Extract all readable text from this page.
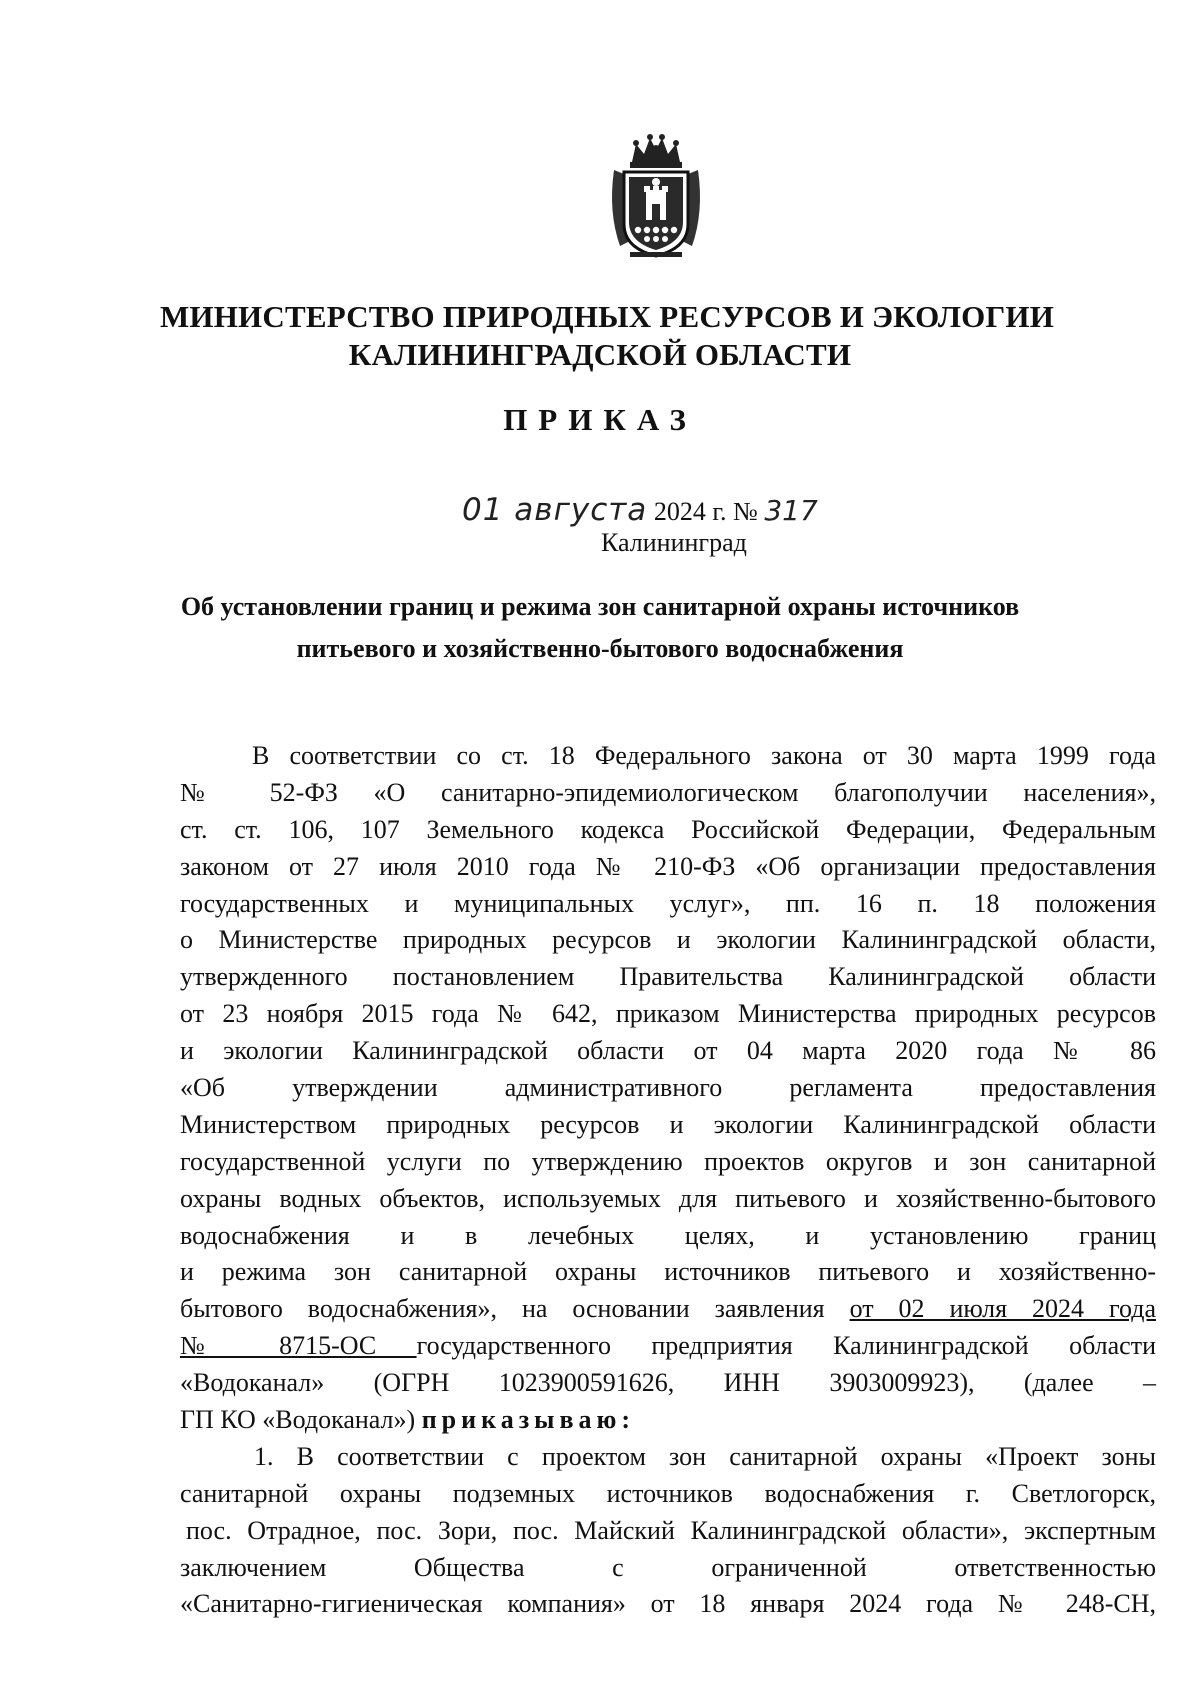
МИНИСТЕРСТВО ПРИРОДНЫХ РЕСУРСОВ И ЭКОЛОГИИ
КАЛИНИНГРАДСКОЙ ОБЛАСТИ
ПРИКАЗ
01 августа 2024 г. № 317
Калининград
Об установлении границ и режима зон санитарной охраны источников
питьевого и хозяйственно-бытового водоснабжения
В соответствии со ст. 18 Федерального закона от 30 марта 1999 года
№ 52-ФЗ «О санитарно-эпидемиологическом благополучии населения»,
ст. ст. 106, 107 Земельного кодекса Российской Федерации, Федеральным
законом от 27 июля 2010 года № 210-ФЗ «Об организации предоставления
государственных и муниципальных услуг», пп. 16 п. 18 положения
о Министерстве природных ресурсов и экологии Калининградской области,
утвержденного постановлением Правительства Калининградской области
от 23 ноября 2015 года № 642, приказом Министерства природных ресурсов
и экологии Калининградской области от 04 марта 2020 года № 86
«Об утверждении административного регламента предоставления
Министерством природных ресурсов и экологии Калининградской области
государственной услуги по утверждению проектов округов и зон санитарной
охраны водных объектов, используемых для питьевого и хозяйственно-бытового
водоснабжения и в лечебных целях, и установлению границ
и режима зон санитарной охраны источников питьевого и хозяйственно-
бытового водоснабжения», на основании заявления от 02 июля 2024 года
№ 8715-ОС государственного предприятия Калининградской области
«Водоканал» (ОГРН 1023900591626, ИНН 3903009923), (далее –
ГП КО «Водоканал») приказываю:
1. В соответствии с проектом зон санитарной охраны «Проект зоны
санитарной охраны подземных источников водоснабжения г. Светлогорск,
пос. Отрадное, пос. Зори, пос. Майский Калининградской области», экспертным
заключением Общества с ограниченной ответственностью
«Санитарно-гигиеническая компания» от 18 января 2024 года № 248-СН,
